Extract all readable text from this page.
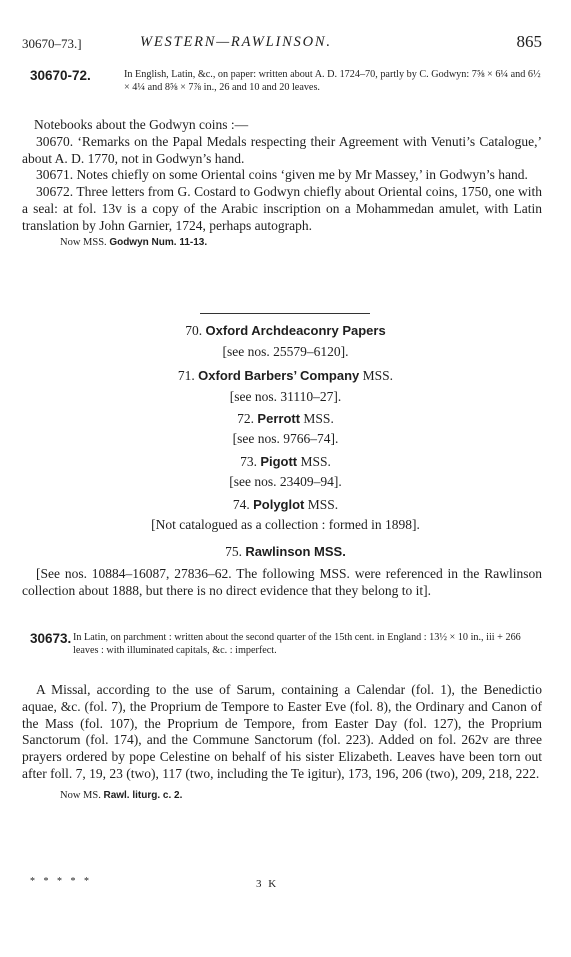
30670–73.]	WESTERN—RAWLINSON.	865
30670-72.	In English, Latin, &c., on paper: written about A. D. 1724–70, partly by C. Godwyn: 7⅝ × 6¼ and 6½ × 4¼ and 8⅝ × 7⅞ in., 26 and 10 and 20 leaves.

Notebooks about the Godwyn coins :—

30670. ‘Remarks on the Papal Medals respecting their Agreement with Venuti’s Catalogue,’ about A. D. 1770, not in Godwyn’s hand.

30671. Notes chiefly on some Oriental coins ‘given me by Mr Massey,’ in Godwyn’s hand.

30672. Three letters from G. Costard to Godwyn chiefly about Oriental coins, 1750, one with a seal: at fol. 13v is a copy of the Arabic inscription on a Mohammedan amulet, with Latin translation by John Garnier, 1724, perhaps autograph.

Now MSS. Godwyn Num. 11-13.
70. Oxford Archdeaconry Papers
[see nos. 25579–6120].
71. Oxford Barbers’ Company MSS.
[see nos. 31110–27].
72. Perrott MSS.
[see nos. 9766–74].
73. Pigott MSS.
[see nos. 23409–94].
74. Polyglot MSS.
[Not catalogued as a collection : formed in 1898].
75. Rawlinson MSS.

[See nos. 10884–16087, 27836–62. The following MSS. were referenced in the Rawlinson collection about 1888, but there is no direct evidence that they belong to it].

30673. In Latin, on parchment : written about the second quarter of the 15th cent. in England : 13½ × 10 in., iii + 266 leaves : with illuminated capitals, &c. : imperfect.

A Missal, according to the use of Sarum, containing a Calendar (fol. 1), the Benedictio aquae, &c. (fol. 7), the Proprium de Tempore to Easter Eve (fol. 8), the Ordinary and Canon of the Mass (fol. 107), the Proprium de Tempore, from Easter Day (fol. 127), the Proprium Sanctorum (fol. 174), and the Commune Sanctorum (fol. 223). Added on fol. 262v are three prayers ordered by pope Celestine on behalf of his sister Elizabeth. Leaves have been torn out after foll. 7, 19, 23 (two), 117 (two, including the Te igitur), 173, 196, 206 (two), 209, 218, 222.

Now MS. Rawl. liturg. c. 2.
* * * * *	3 K
